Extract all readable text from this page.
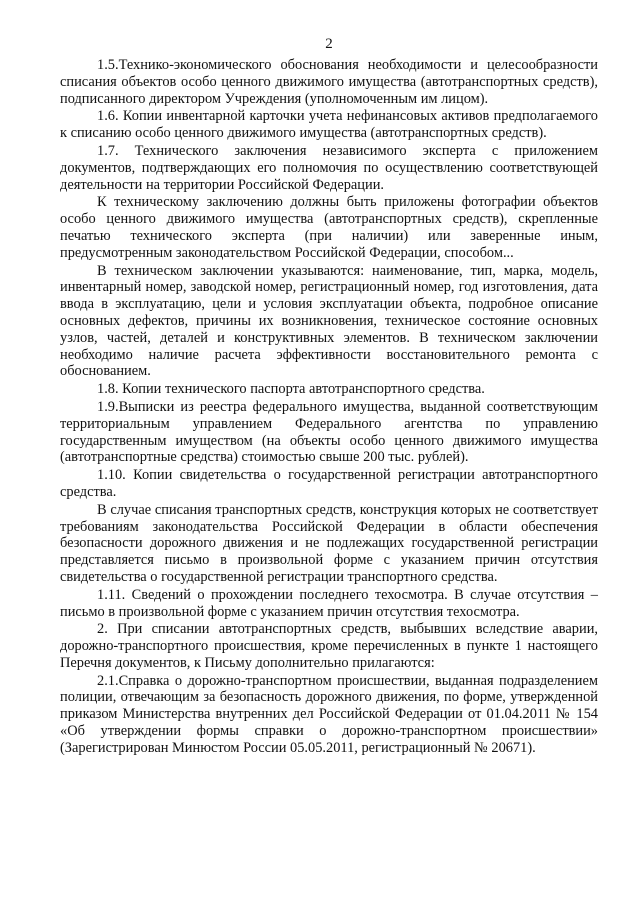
2

1.5.Технико-экономического обоснования необходимости и целесообразности списания объектов особо ценного движимого имущества (автотранспортных средств), подписанного директором Учреждения (уполномоченным им лицом).

1.6. Копии инвентарной карточки учета нефинансовых активов предполагаемого к списанию особо ценного движимого имущества (автотранспортных средств).

1.7. Технического заключения независимого эксперта с приложением документов, подтверждающих его полномочия по осуществлению соответствующей деятельности на территории Российской Федерации.

К техническому заключению должны быть приложены фотографии объектов особо ценного движимого имущества (автотранспортных средств), скрепленные печатью технического эксперта (при наличии) или заверенные иным, предусмотренным законодательством Российской Федерации, способом...

В техническом заключении указываются: наименование, тип, марка, модель, инвентарный номер, заводской номер, регистрационный номер, год изготовления, дата ввода в эксплуатацию, цели и условия эксплуатации объекта, подробное описание основных дефектов, причины их возникновения, техническое состояние основных узлов, частей, деталей и конструктивных элементов. В техническом заключении необходимо наличие расчета эффективности восстановительного ремонта с обоснованием.

1.8. Копии технического паспорта автотранспортного средства.

1.9.Выписки из реестра федерального имущества, выданной соответствующим территориальным управлением Федерального агентства по управлению государственным имуществом (на объекты особо ценного движимого имущества (автотранспортные средства) стоимостью свыше 200 тыс. рублей).

1.10. Копии свидетельства о государственной регистрации автотранспортного средства.

В случае списания транспортных средств, конструкция которых не соответствует требованиям законодательства Российской Федерации в области обеспечения безопасности дорожного движения и не подлежащих государственной регистрации представляется письмо в произвольной форме с указанием причин отсутствия свидетельства о государственной регистрации транспортного средства.

1.11. Сведений о прохождении последнего техосмотра. В случае отсутствия – письмо в произвольной форме с указанием причин отсутствия техосмотра.

2. При списании автотранспортных средств, выбывших вследствие аварии, дорожно-транспортного происшествия, кроме перечисленных в пункте 1 настоящего Перечня документов, к Письму дополнительно прилагаются:

2.1.Справка о дорожно-транспортном происшествии, выданная подразделением полиции, отвечающим за безопасность дорожного движения, по форме, утвержденной приказом Министерства внутренних дел Российской Федерации от 01.04.2011 № 154 «Об утверждении формы справки о дорожно-транспортном происшествии» (Зарегистрирован Минюстом России 05.05.2011, регистрационный № 20671).
